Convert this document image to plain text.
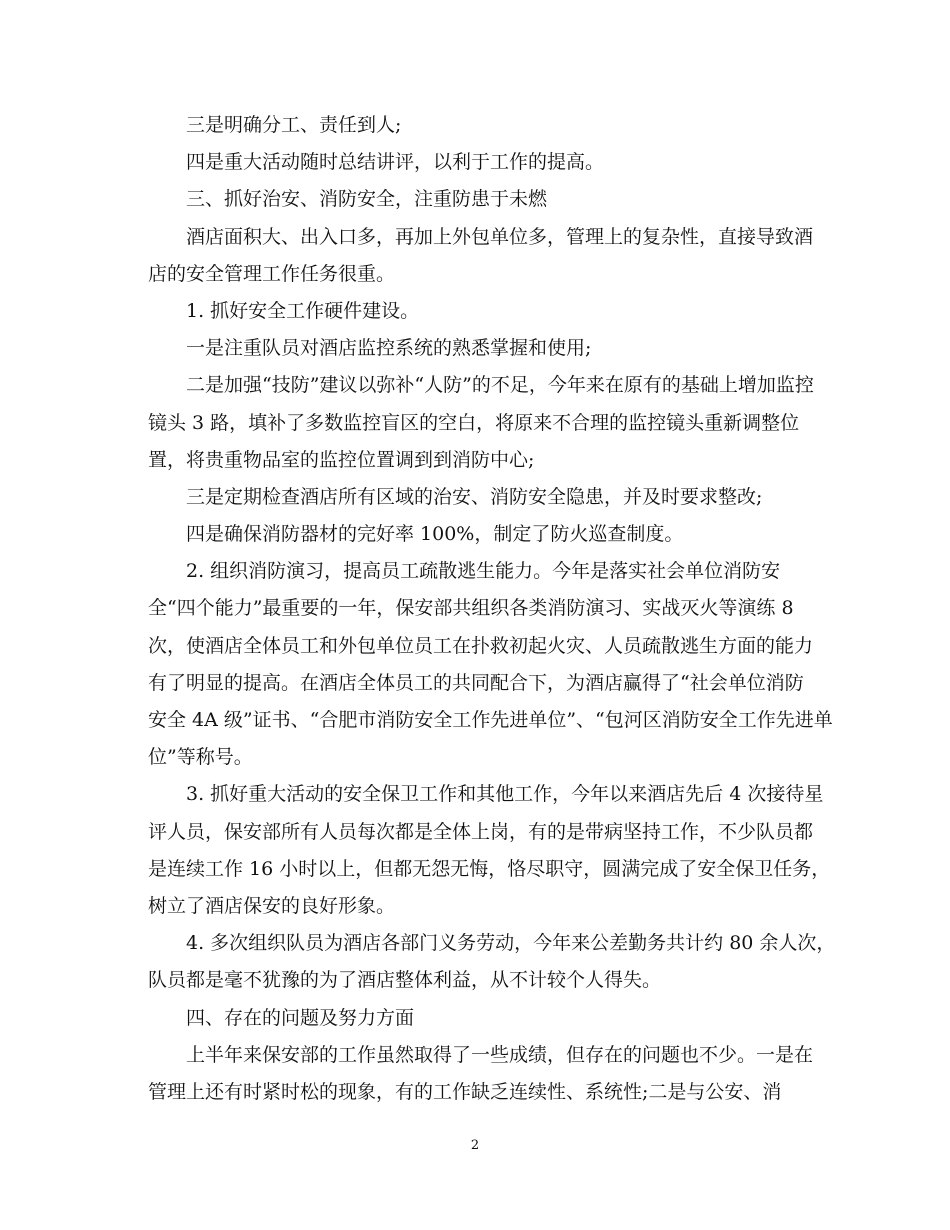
三是明确分工、责任到人;
四是重大活动随时总结讲评，以利于工作的提高。
三、抓好治安、消防安全，注重防患于未燃
酒店面积大、出入口多，再加上外包单位多，管理上的复杂性，直接导致酒
店的安全管理工作任务很重。
1. 抓好安全工作硬件建设。
一是注重队员对酒店监控系统的熟悉掌握和使用;
二是加强“技防”建议以弥补“人防”的不足，今年来在原有的基础上增加监控
镜头 3 路，填补了多数监控盲区的空白，将原来不合理的监控镜头重新调整位
置，将贵重物品室的监控位置调到到消防中心;
三是定期检查酒店所有区域的治安、消防安全隐患，并及时要求整改;
四是确保消防器材的完好率 100%，制定了防火巡查制度。
2. 组织消防演习，提高员工疏散逃生能力。今年是落实社会单位消防安
全“四个能力”最重要的一年，保安部共组织各类消防演习、实战灭火等演练 8
次，使酒店全体员工和外包单位员工在扑救初起火灾、人员疏散逃生方面的能力
有了明显的提高。在酒店全体员工的共同配合下，为酒店赢得了“社会单位消防
安全 4A 级”证书、“合肥市消防安全工作先进单位”、“包河区消防安全工作先进单
位”等称号。
3. 抓好重大活动的安全保卫工作和其他工作，今年以来酒店先后 4 次接待星
评人员，保安部所有人员每次都是全体上岗，有的是带病坚持工作，不少队员都
是连续工作 16 小时以上，但都无怨无悔，恪尽职守，圆满完成了安全保卫任务，
树立了酒店保安的良好形象。
4. 多次组织队员为酒店各部门义务劳动，今年来公差勤务共计约 80 余人次，
队员都是毫不犹豫的为了酒店整体利益，从不计较个人得失。
四、存在的问题及努力方面
上半年来保安部的工作虽然取得了一些成绩，但存在的问题也不少。一是在
管理上还有时紧时松的现象，有的工作缺乏连续性、系统性;二是与公安、消
2
